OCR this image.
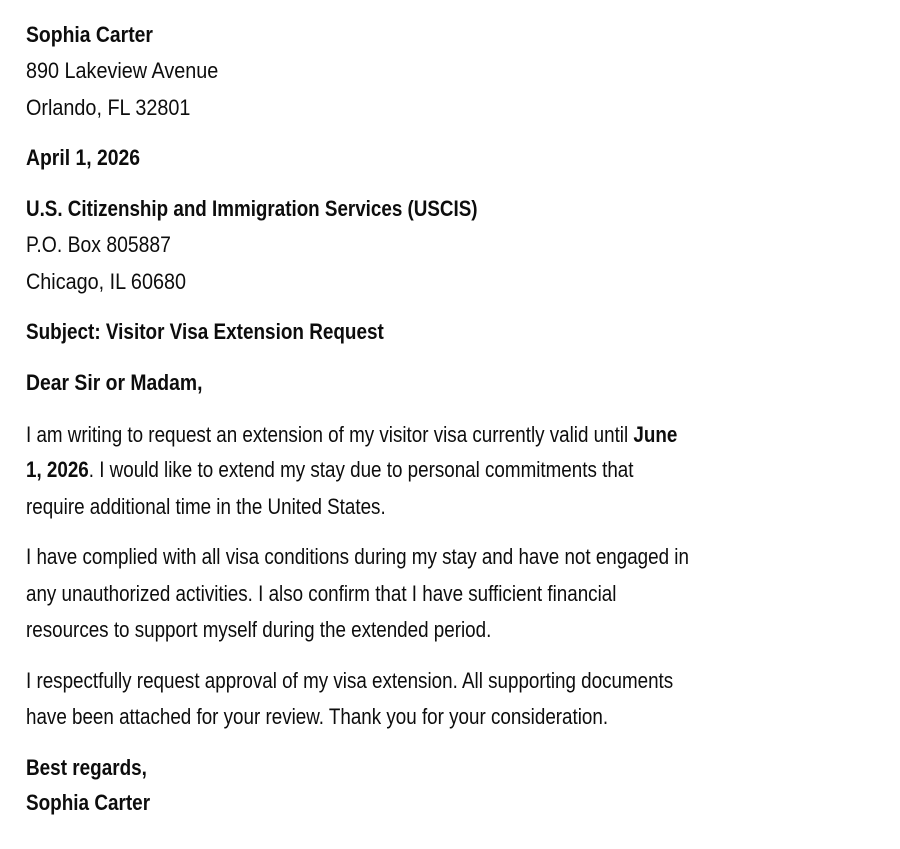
Sophia Carter
890 Lakeview Avenue
Orlando, FL 32801
April 1, 2026
U.S. Citizenship and Immigration Services (USCIS)
P.O. Box 805887
Chicago, IL 60680
Subject: Visitor Visa Extension Request
Dear Sir or Madam,
I am writing to request an extension of my visitor visa currently valid until June
1, 2026. I would like to extend my stay due to personal commitments that
require additional time in the United States.
I have complied with all visa conditions during my stay and have not engaged in
any unauthorized activities. I also confirm that I have sufficient financial
resources to support myself during the extended period.
I respectfully request approval of my visa extension. All supporting documents
have been attached for your review. Thank you for your consideration.
Best regards,
Sophia Carter
